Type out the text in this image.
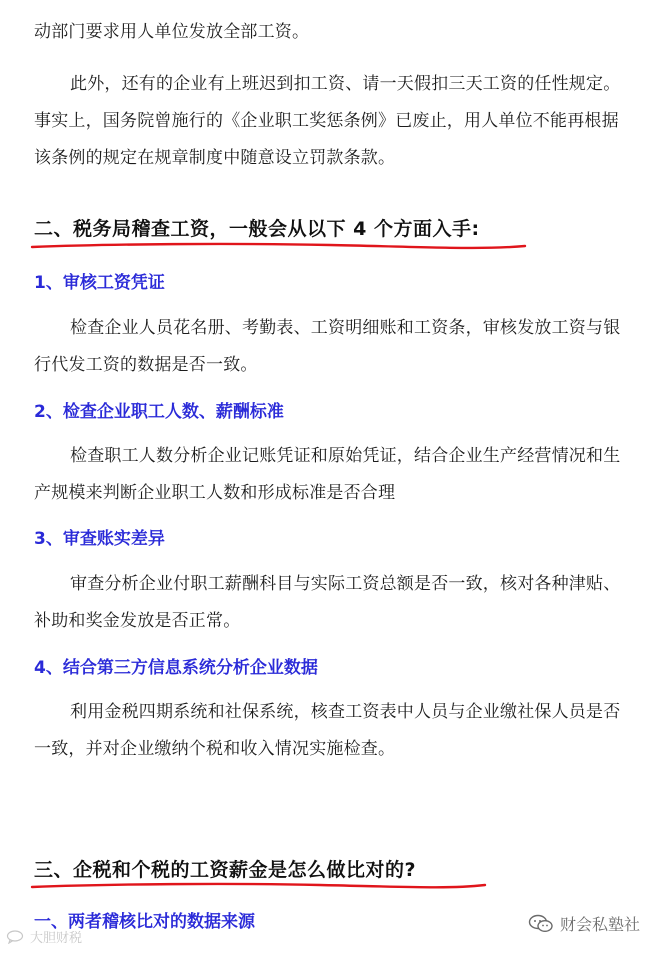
动部门要求用人单位发放全部工资。

此外，还有的企业有上班迟到扣工资、请一天假扣三天工资的任性规定。事实上，国务院曾施行的《企业职工奖惩条例》已废止，用人单位不能再根据该条例的规定在规章制度中随意设立罚款条款。

二、税务局稽查工资，一般会从以下 4 个方面入手:
1、审核工资凭证

检查企业人员花名册、考勤表、工资明细账和工资条，审核发放工资与银行代发工资的数据是否一致。

2、检查企业职工人数、薪酬标准

检查职工人数分析企业记账凭证和原始凭证，结合企业生产经营情况和生产规模来判断企业职工人数和形成标准是否合理

3、审查账实差异

审查分析企业付职工薪酬科目与实际工资总额是否一致，核对各种津贴、补助和奖金发放是否正常。

4、结合第三方信息系统分析企业数据

利用金税四期系统和社保系统，核查工资表中人员与企业缴社保人员是否一致，并对企业缴纳个税和收入情况实施检查。

三、企税和个税的工资薪金是怎么做比对的?
一、两者稽核比对的数据来源
大胆财税
财会私塾社
